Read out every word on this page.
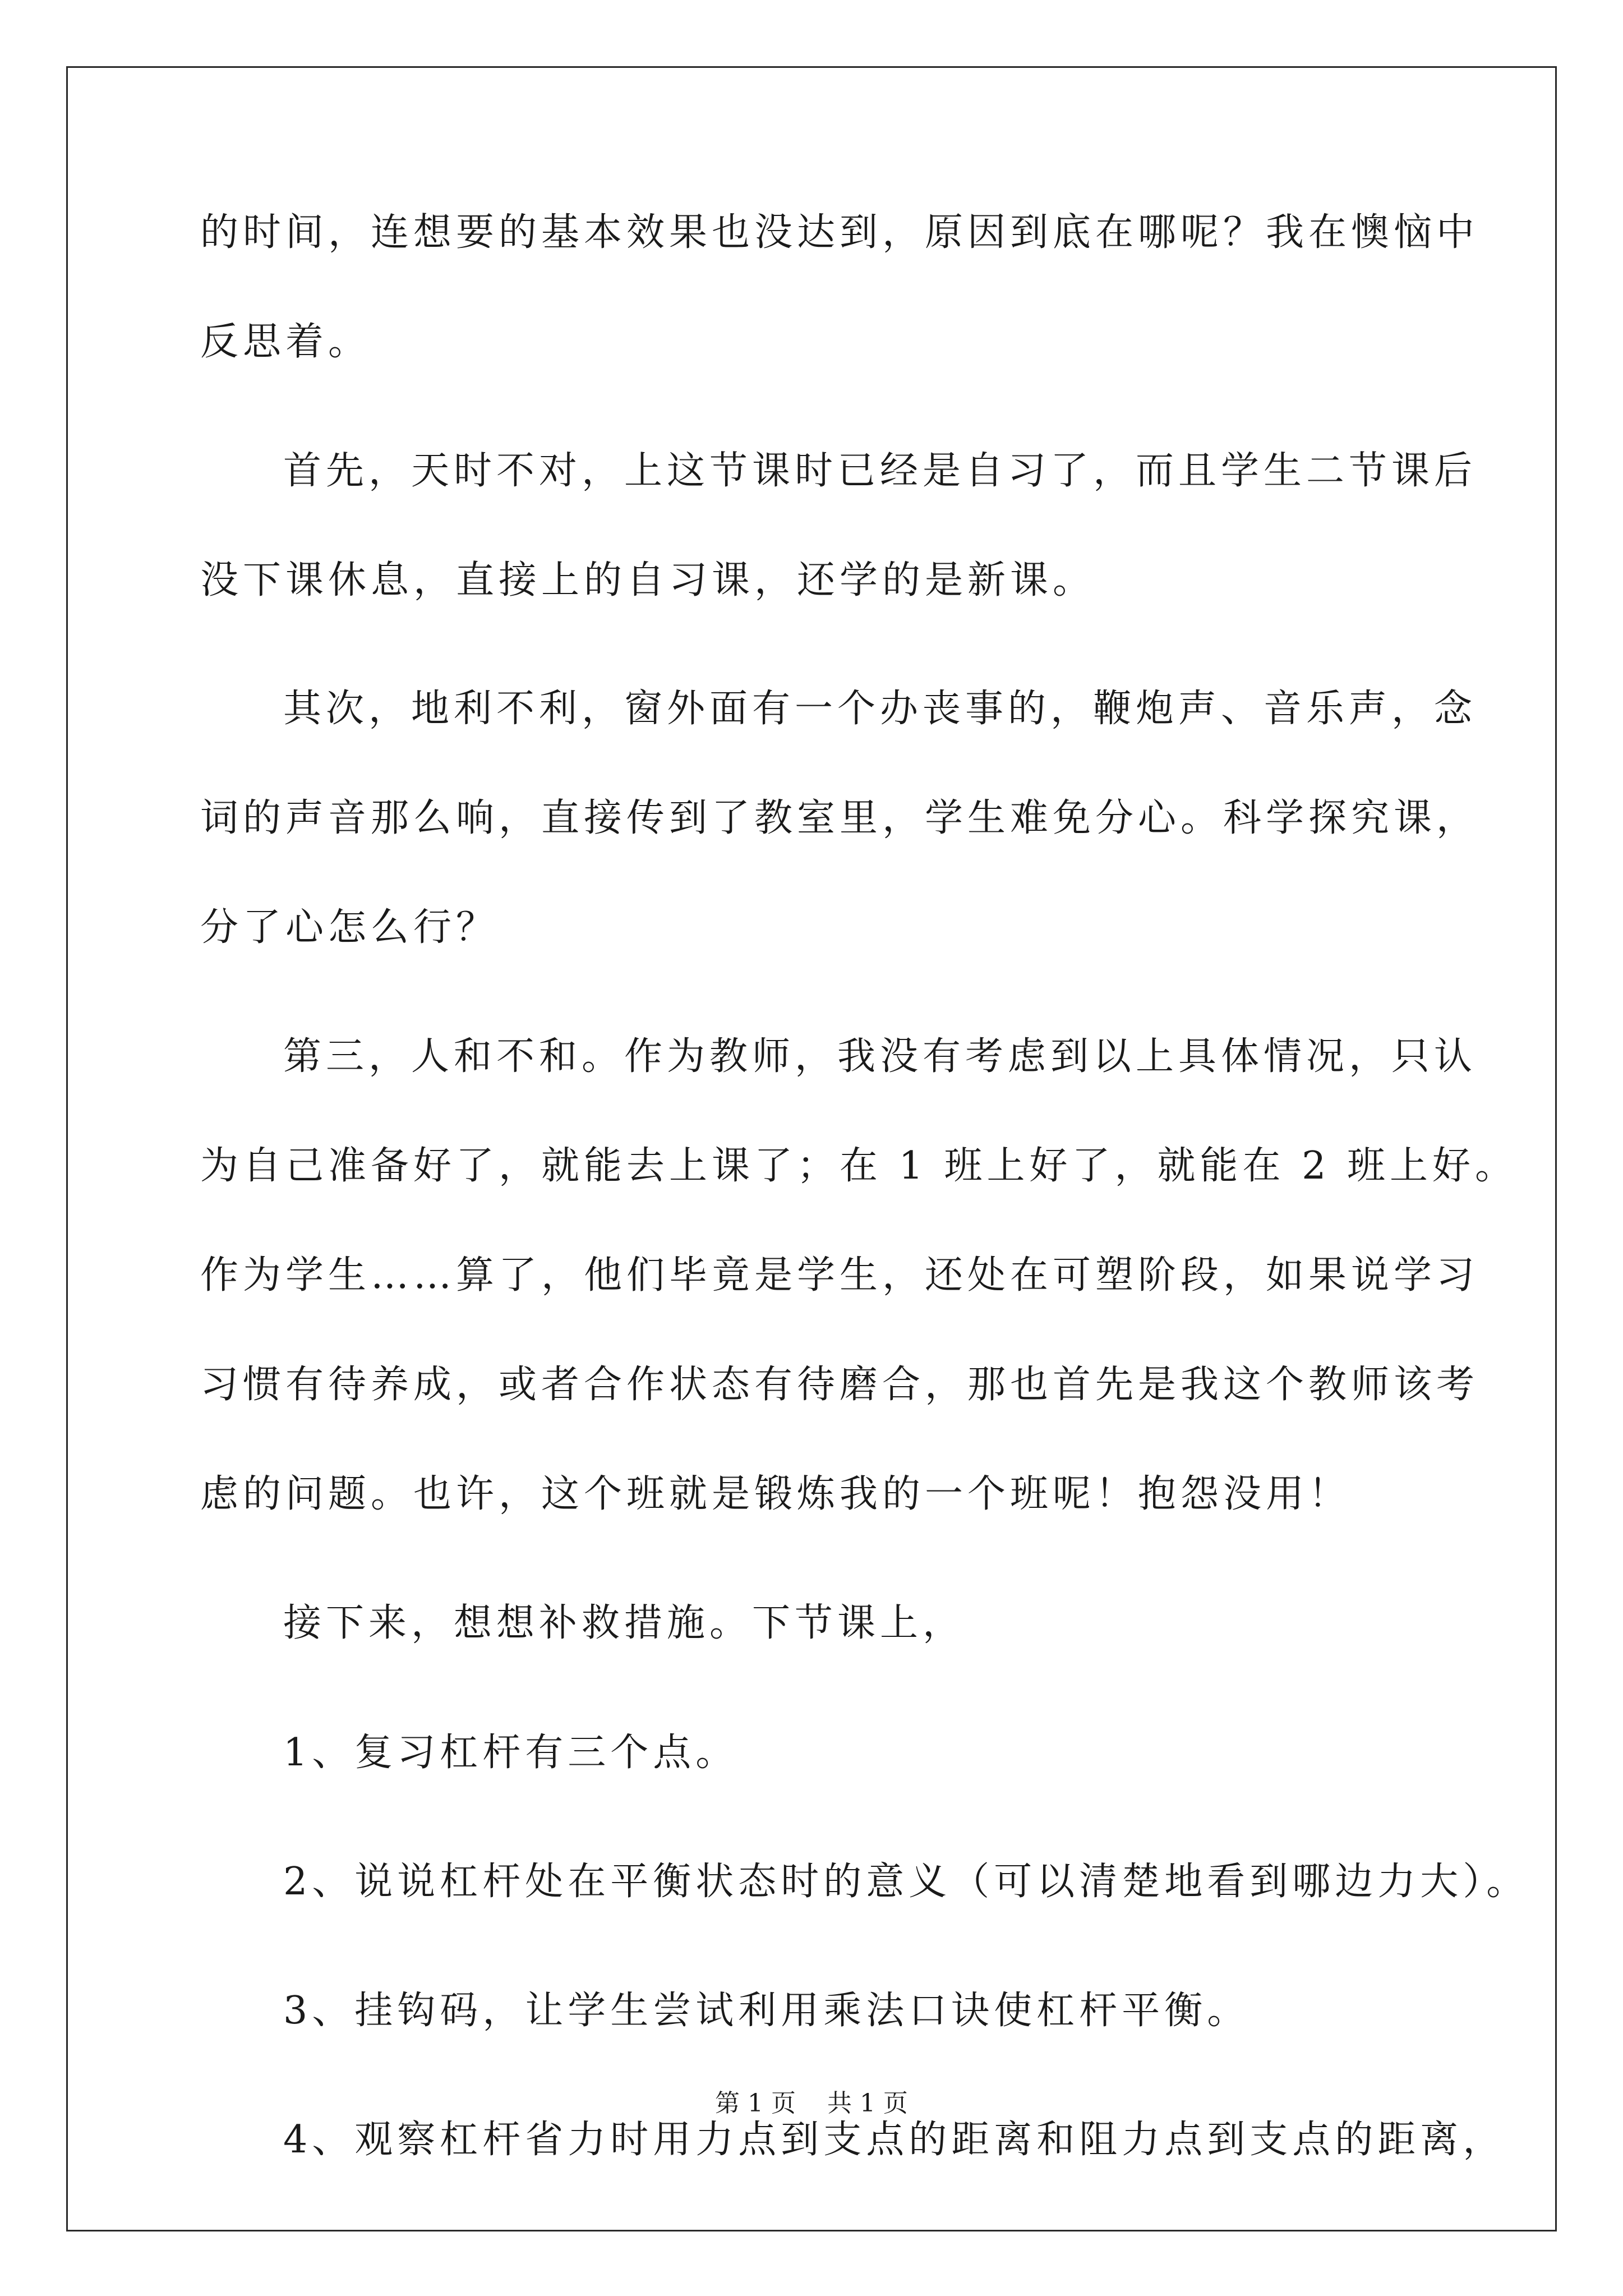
的时间，连想要的基本效果也没达到，原因到底在哪呢？我在懊恼中
反思着。
首先，天时不对，上这节课时已经是自习了，而且学生二节课后
没下课休息，直接上的自习课，还学的是新课。
其次，地利不利，窗外面有一个办丧事的，鞭炮声、音乐声，念
词的声音那么响，直接传到了教室里，学生难免分心。科学探究课，
分了心怎么行？
第三，人和不和。作为教师，我没有考虑到以上具体情况，只认
为自己准备好了，就能去上课了；在 1 班上好了，就能在 2 班上好。
作为学生……算了，他们毕竟是学生，还处在可塑阶段，如果说学习
习惯有待养成，或者合作状态有待磨合，那也首先是我这个教师该考
虑的问题。也许，这个班就是锻炼我的一个班呢！抱怨没用！
接下来，想想补救措施。下节课上，
1、复习杠杆有三个点。
2、说说杠杆处在平衡状态时的意义（可以清楚地看到哪边力大）。
3、挂钩码，让学生尝试利用乘法口诀使杠杆平衡。
4、观察杠杆省力时用力点到支点的距离和阻力点到支点的距离，
第 1 页    共 1 页
